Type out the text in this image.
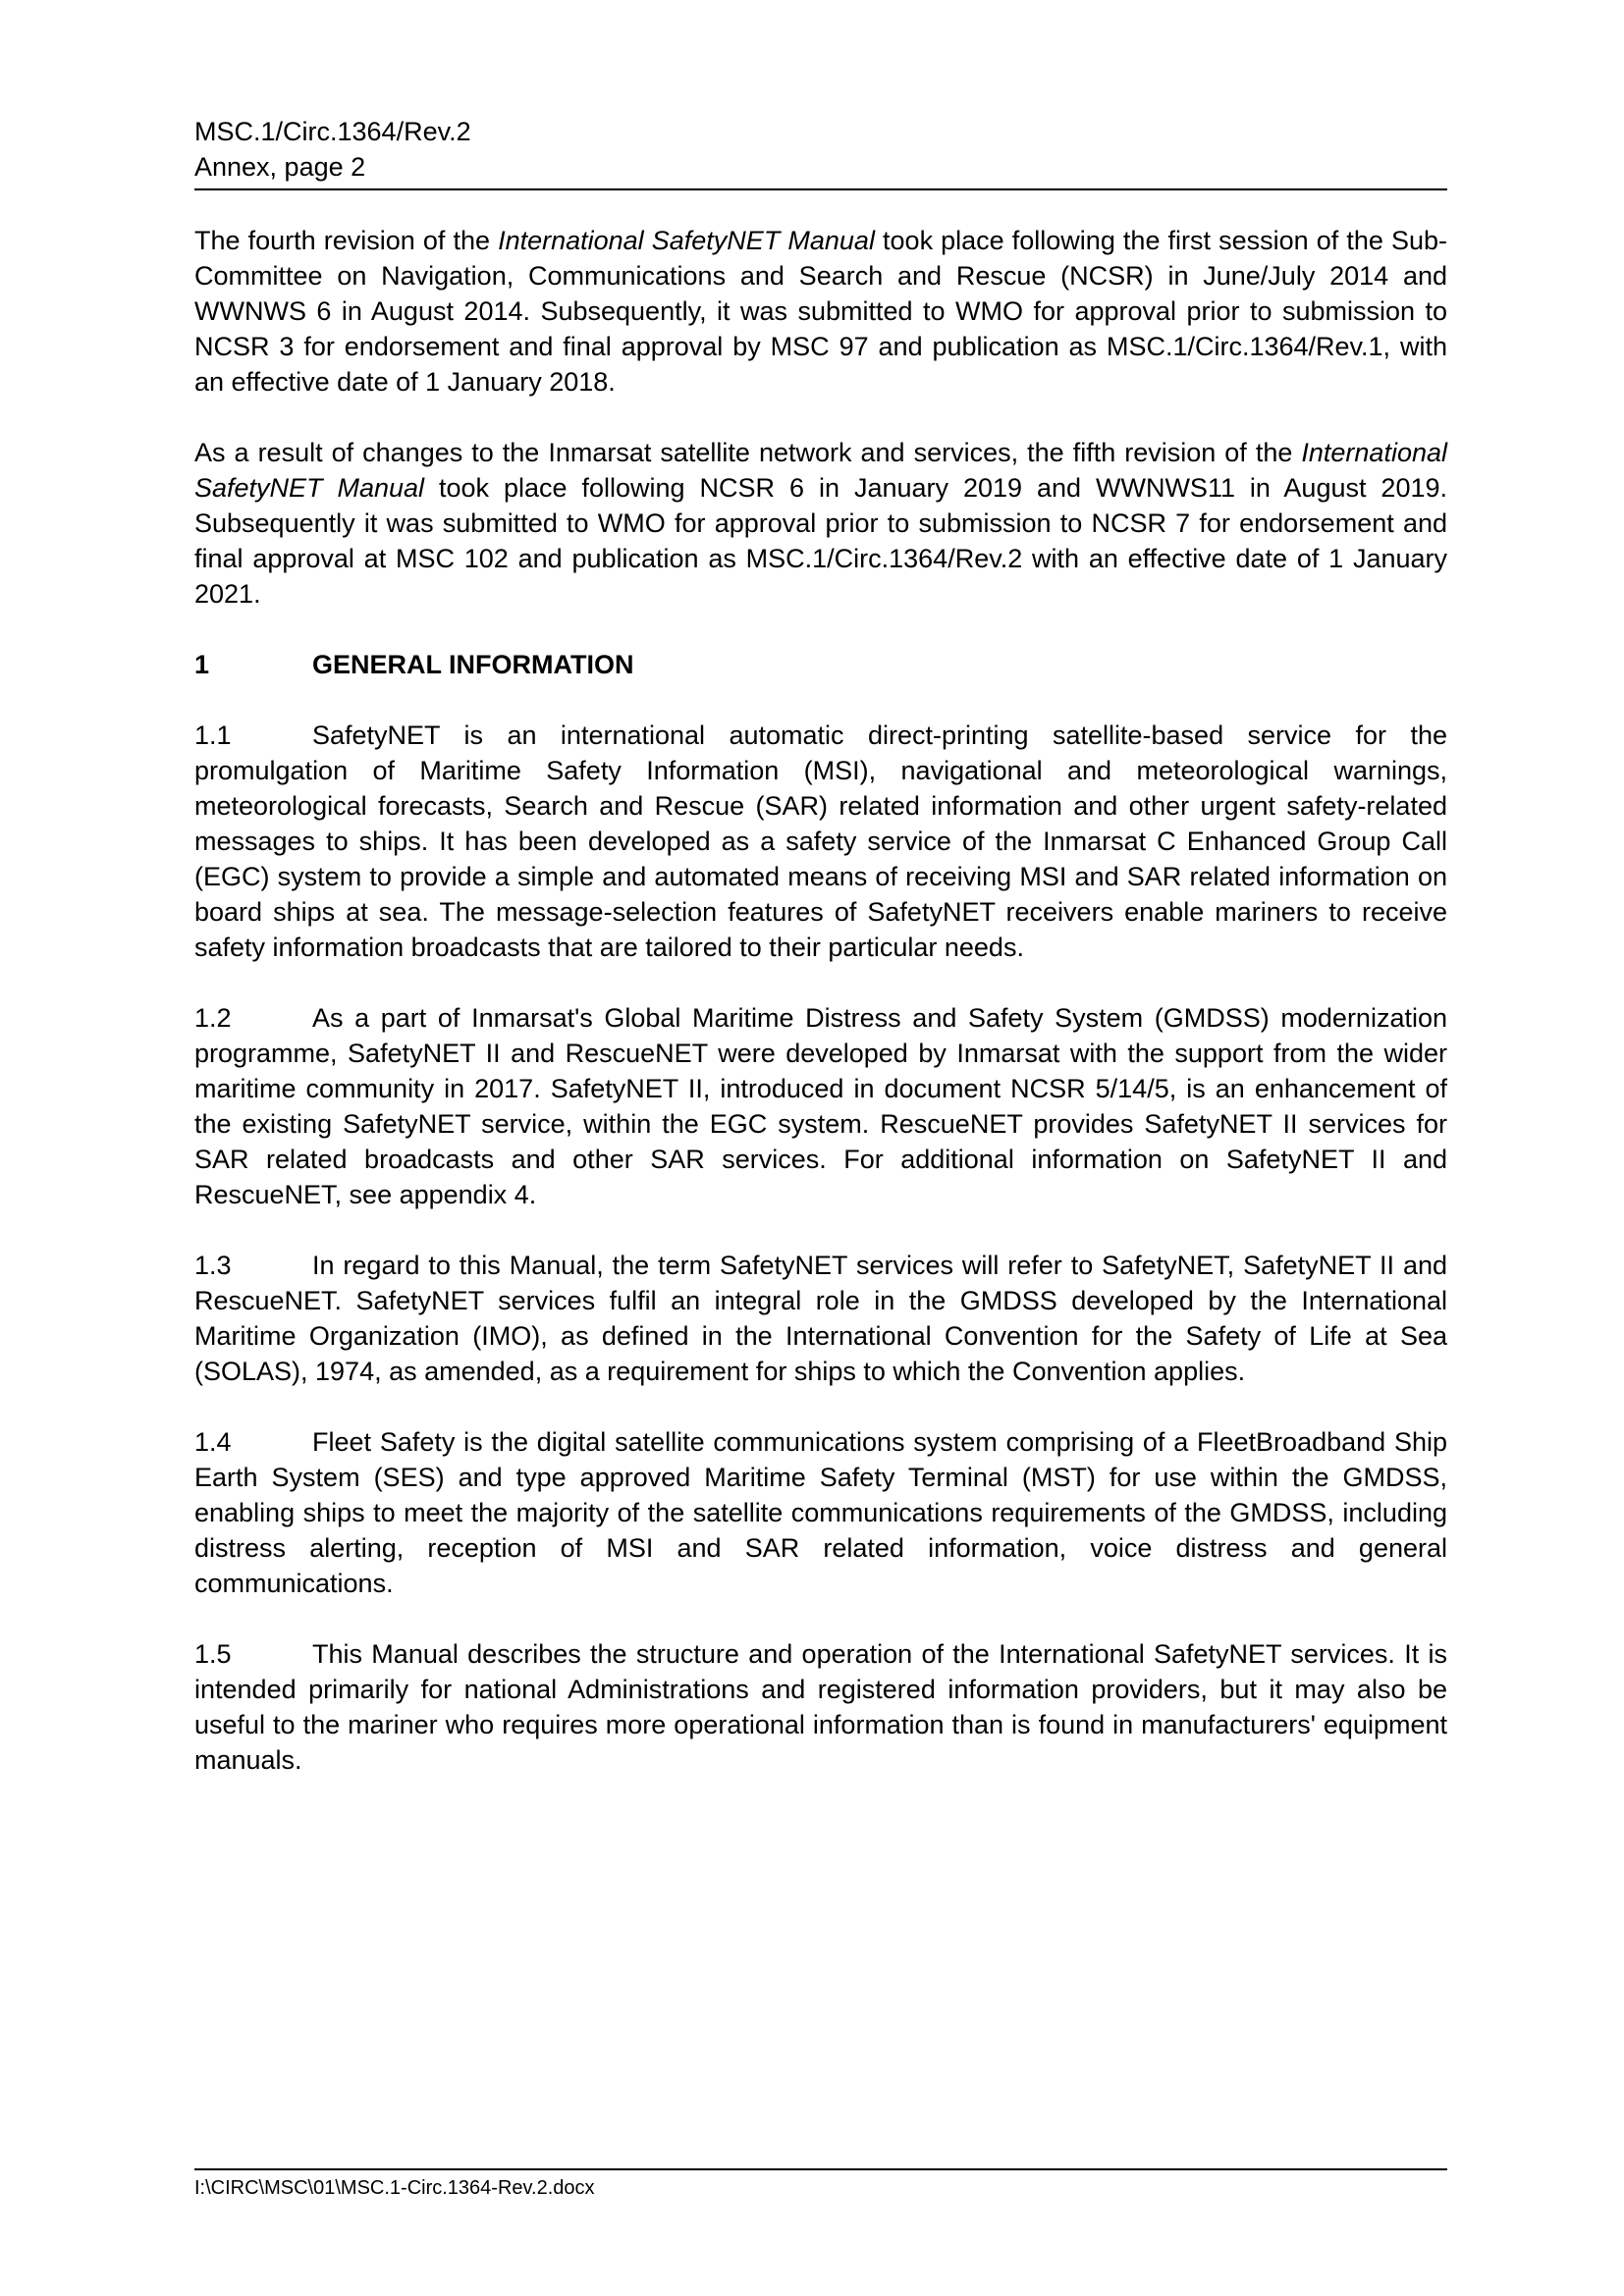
MSC.1/Circ.1364/Rev.2
Annex, page 2

The fourth revision of the International SafetyNET Manual took place following the first session of the Sub-Committee on Navigation, Communications and Search and Rescue (NCSR) in June/July 2014 and WWNWS 6 in August 2014. Subsequently, it was submitted to WMO for approval prior to submission to NCSR 3 for endorsement and final approval by MSC 97 and publication as MSC.1/Circ.1364/Rev.1, with an effective date of 1 January 2018.

As a result of changes to the Inmarsat satellite network and services, the fifth revision of the International SafetyNET Manual took place following NCSR 6 in January 2019 and WWNWS11 in August 2019. Subsequently it was submitted to WMO for approval prior to submission to NCSR 7 for endorsement and final approval at MSC 102 and publication as MSC.1/Circ.1364/Rev.2 with an effective date of 1 January 2021.

1	GENERAL INFORMATION

1.1	SafetyNET is an international automatic direct-printing satellite-based service for the promulgation of Maritime Safety Information (MSI), navigational and meteorological warnings, meteorological forecasts, Search and Rescue (SAR) related information and other urgent safety-related messages to ships. It has been developed as a safety service of the Inmarsat C Enhanced Group Call (EGC) system to provide a simple and automated means of receiving MSI and SAR related information on board ships at sea. The message-selection features of SafetyNET receivers enable mariners to receive safety information broadcasts that are tailored to their particular needs.

1.2	As a part of Inmarsat's Global Maritime Distress and Safety System (GMDSS) modernization programme, SafetyNET II and RescueNET were developed by Inmarsat with the support from the wider maritime community in 2017. SafetyNET II, introduced in document NCSR 5/14/5, is an enhancement of the existing SafetyNET service, within the EGC system. RescueNET provides SafetyNET II services for SAR related broadcasts and other SAR services. For additional information on SafetyNET II and RescueNET, see appendix 4.

1.3	In regard to this Manual, the term SafetyNET services will refer to SafetyNET, SafetyNET II and RescueNET. SafetyNET services fulfil an integral role in the GMDSS developed by the International Maritime Organization (IMO), as defined in the International Convention for the Safety of Life at Sea (SOLAS), 1974, as amended, as a requirement for ships to which the Convention applies.

1.4	Fleet Safety is the digital satellite communications system comprising of a FleetBroadband Ship Earth System (SES) and type approved Maritime Safety Terminal (MST) for use within the GMDSS, enabling ships to meet the majority of the satellite communications requirements of the GMDSS, including distress alerting, reception of MSI and SAR related information, voice distress and general communications.

1.5	This Manual describes the structure and operation of the International SafetyNET services. It is intended primarily for national Administrations and registered information providers, but it may also be useful to the mariner who requires more operational information than is found in manufacturers' equipment manuals.

I:\CIRC\MSC\01\MSC.1-Circ.1364-Rev.2.docx
